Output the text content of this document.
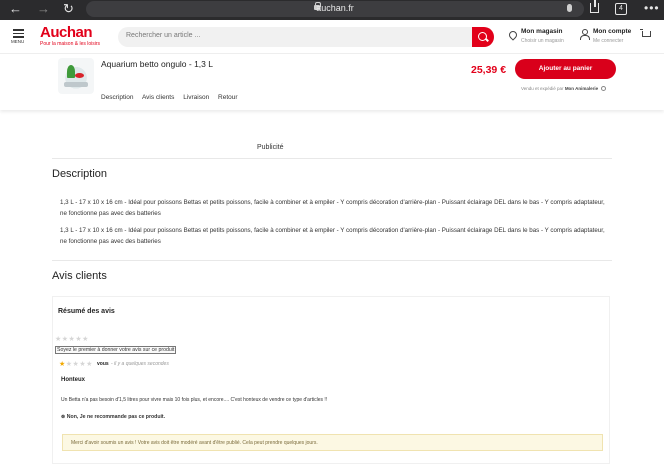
← → ↻	auchan.fr	4	•••
MENU
Auchan
Pour la maison & les loisirs
Rechercher un article ...
Mon magasin
Choisir un magasin
Mon compte
Me connecter
Aquarium betto ongulo - 1,3 L
Description Avis clients Livraison Retour
25,39 €	Ajouter au panier
Vendu et expédié par Mon Animalerie
Publicité
Description
1,3 L - 17 x 10 x 16 cm - Idéal pour poissons Bettas et petits poissons, facile à combiner et à empiler - Y compris décoration d'arrière-plan - Puissant éclairage DEL dans le bas - Y compris adaptateur, ne fonctionne pas avec des batteries
1,3 L - 17 x 10 x 16 cm - Idéal pour poissons Bettas et petits poissons, facile à combiner et à empiler - Y compris décoration d'arrière-plan - Puissant éclairage DEL dans le bas - Y compris adaptateur, ne fonctionne pas avec des batteries
Avis clients
Résumé des avis
★★★★★
Soyez le premier à donner votre avis sur ce produit
★★★★★ vous - il y a quelques secondes
Honteux
Un Betta n'a pas besoin d'1,5 litres pour vivre mais 10 fois plus, et encore.... C'est honteux de vendre ce type d'articles !!
⊗ Non, Je ne recommande pas ce produit.
Merci d'avoir soumis un avis ! Votre avis doit être modéré avant d'être publié. Cela peut prendre quelques jours.
